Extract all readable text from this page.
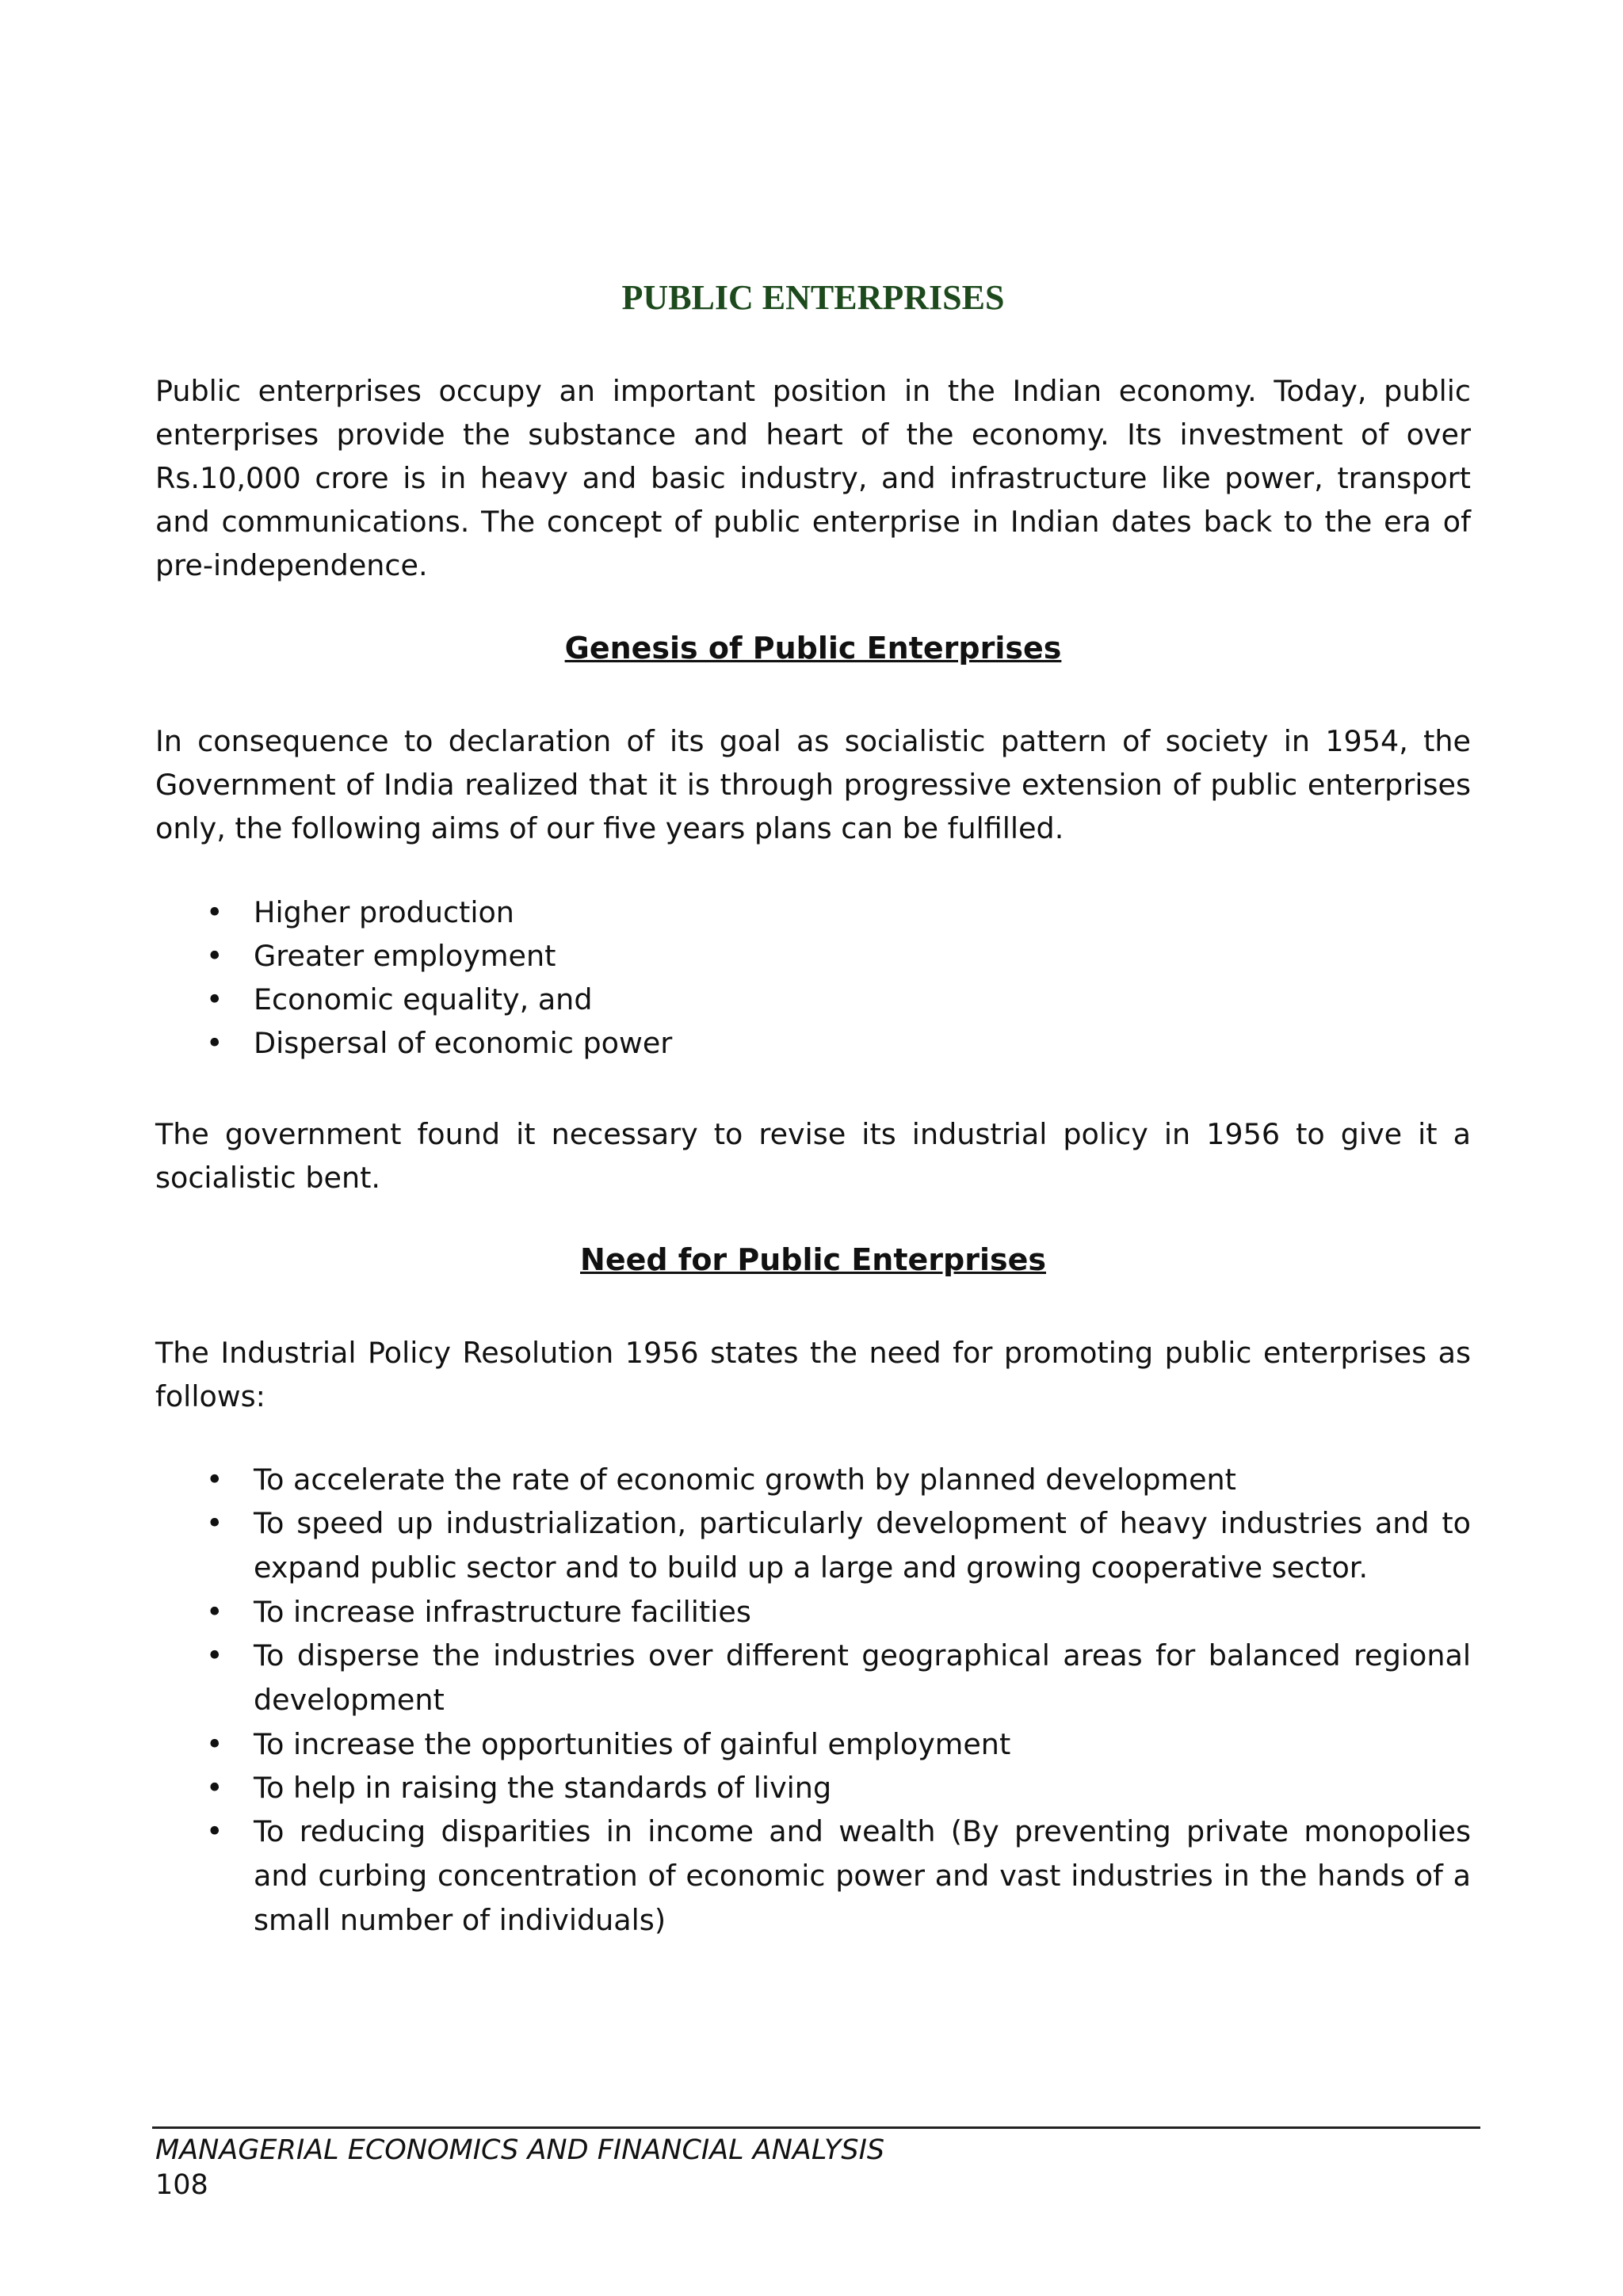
PUBLIC ENTERPRISES

Public enterprises occupy an important position in the Indian economy. Today, public enterprises provide the substance and heart of the economy. Its investment of over Rs.10,000 crore is in heavy and basic industry, and infrastructure like power, transport and communications. The concept of public enterprise in Indian dates back to the era of pre-independence.

Genesis of Public Enterprises

In consequence to declaration of its goal as socialistic pattern of society in 1954, the Government of India realized that it is through progressive extension of public enterprises only, the following aims of our five years plans can be fulfilled.

• Higher production
• Greater employment
• Economic equality, and
• Dispersal of economic power

The government found it necessary to revise its industrial policy in 1956 to give it a socialistic bent.

Need for Public Enterprises

The Industrial Policy Resolution 1956 states the need for promoting public enterprises as follows:

• To accelerate the rate of economic growth by planned development
• To speed up industrialization, particularly development of heavy industries and to expand public sector and to build up a large and growing cooperative sector.
• To increase infrastructure facilities
• To disperse the industries over different geographical areas for balanced regional development
• To increase the opportunities of gainful employment
• To help in raising the standards of living
• To reducing disparities in income and wealth (By preventing private monopolies and curbing concentration of economic power and vast industries in the hands of a small number of individuals)

MANAGERIAL ECONOMICS AND FINANCIAL ANALYSIS

108
